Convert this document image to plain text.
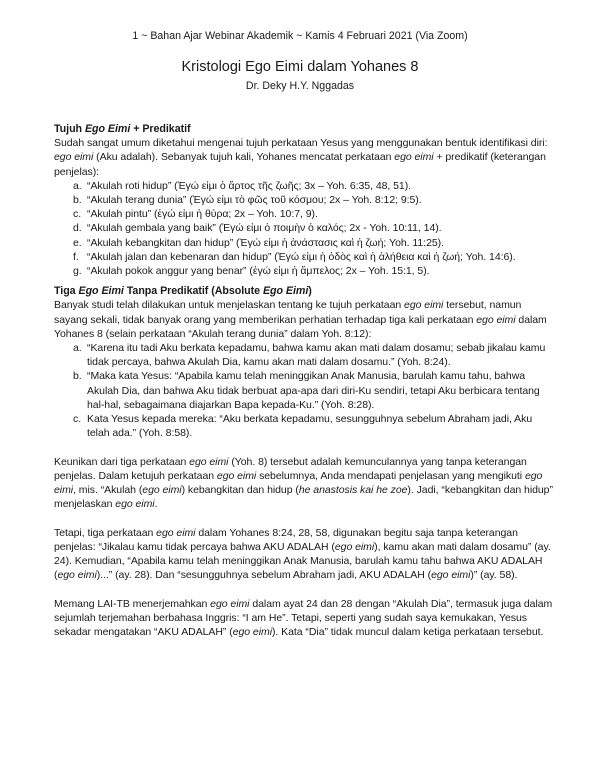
1 ~ Bahan Ajar Webinar Akademik ~ Kamis 4 Februari 2021 (Via Zoom)
Kristologi Ego Eimi dalam Yohanes 8
Dr. Deky H.Y. Nggadas
Tujuh Ego Eimi + Predikatif

Sudah sangat umum diketahui mengenai tujuh perkataan Yesus yang menggunakan bentuk identifikasi diri: ego eimi (Aku adalah). Sebanyak tujuh kali, Yohanes mencatat perkataan ego eimi + predikatif (keterangan penjelas):

a. “Akulah roti hidup” (Ἐγώ εἰμι ὁ ἄρτος τῆς ζωῆς; 3x – Yoh. 6:35, 48, 51).
b. “Akulah terang dunia” (Ἐγώ εἰμι τὸ φῶς τοῦ κόσμου; 2x – Yoh. 8:12; 9:5).
c. “Akulah pintu” (ἐγώ εἰμι ἡ θύρα; 2x – Yoh. 10:7, 9).
d. “Akulah gembala yang baik” (Ἐγώ εἰμι ὁ ποιμὴν ὁ καλός; 2x - Yoh. 10:11, 14).
e. “Akulah kebangkitan dan hidup” (Ἐγώ εἰμι ἡ ἀνάστασις καὶ ἡ ζωή; Yoh. 11:25).
f. “Akulah jalan dan kebenaran dan hidup” (Ἐγώ εἰμι ἡ ὁδὸς καὶ ἡ ἀλήθεια καὶ ἡ ζωή; Yoh. 14:6).
g. “Akulah pokok anggur yang benar” (ἐγώ εἰμι ἡ ἄμπελος; 2x – Yoh. 15:1, 5).
Tiga Ego Eimi Tanpa Predikatif (Absolute Ego Eimi)

Banyak studi telah dilakukan untuk menjelaskan tentang ke tujuh perkataan ego eimi tersebut, namun sayang sekali, tidak banyak orang yang memberikan perhatian terhadap tiga kali perkataan ego eimi dalam Yohanes 8 (selain perkataan “Akulah terang dunia” dalam Yoh. 8:12):

a. “Karena itu tadi Aku berkata kepadamu, bahwa kamu akan mati dalam dosamu; sebab jikalau kamu tidak percaya, bahwa Akulah Dia, kamu akan mati dalam dosamu.” (Yoh. 8:24).
b. “Maka kata Yesus: “Apabila kamu telah meninggikan Anak Manusia, barulah kamu tahu, bahwa Akulah Dia, dan bahwa Aku tidak berbuat apa-apa dari diri-Ku sendiri, tetapi Aku berbicara tentang hal-hal, sebagaimana diajarkan Bapa kepada-Ku.” (Yoh. 8:28).
c. Kata Yesus kepada mereka: “Aku berkata kepadamu, sesungguhnya sebelum Abraham jadi, Aku telah ada.” (Yoh. 8:58).

Keunikan dari tiga perkataan ego eimi (Yoh. 8) tersebut adalah kemunculannya yang tanpa keterangan penjelas. Dalam ketujuh perkataan ego eimi sebelumnya, Anda mendapati penjelasan yang mengikuti ego eimi, mis. “Akulah (ego eimi) kebangkitan dan hidup (he anastosis kai he zoe). Jadi, “kebangkitan dan hidup” menjelaskan ego eimi.

Tetapi, tiga perkataan ego eimi dalam Yohanes 8:24, 28, 58, digunakan begitu saja tanpa keterangan penjelas: “Jikalau kamu tidak percaya bahwa AKU ADALAH (ego eimi), kamu akan mati dalam dosamu” (ay. 24). Kemudian, “Apabila kamu telah meninggikan Anak Manusia, barulah kamu tahu bahwa AKU ADALAH (ego eimi)...” (ay. 28). Dan “sesungguhnya sebelum Abraham jadi, AKU ADALAH (ego eimi)” (ay. 58).

Memang LAI-TB menerjemahkan ego eimi dalam ayat 24 dan 28 dengan “Akulah Dia”, termasuk juga dalam sejumlah terjemahan berbahasa Inggris: “I am He”. Tetapi, seperti yang sudah saya kemukakan, Yesus sekadar mengatakan “AKU ADALAH” (ego eimi). Kata “Dia” tidak muncul dalam ketiga perkataan tersebut.
